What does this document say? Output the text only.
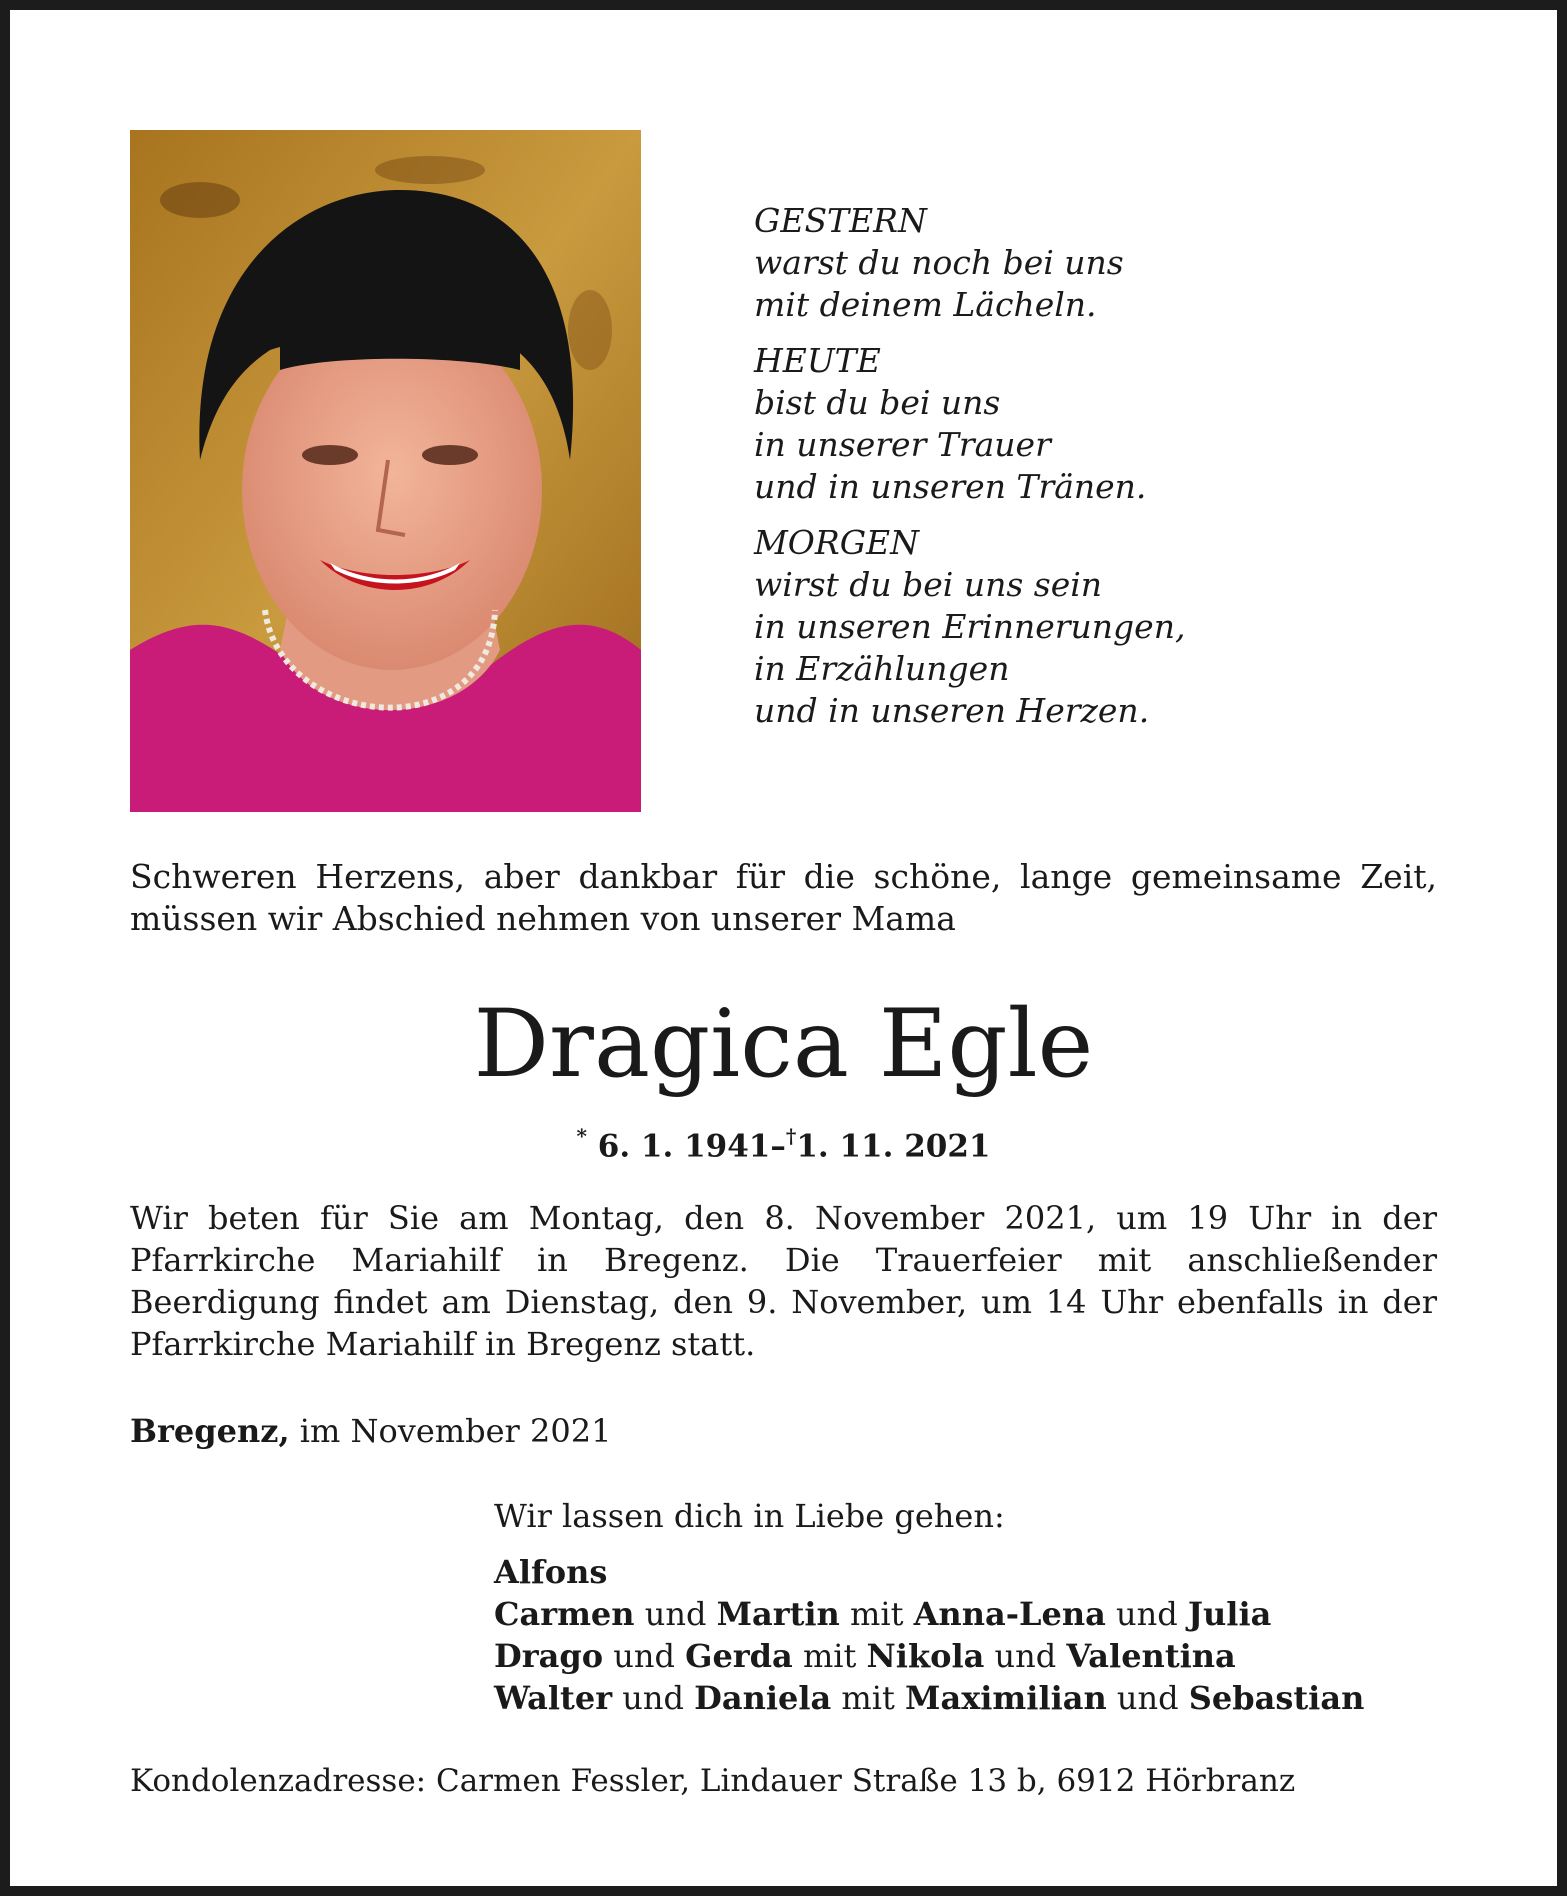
GESTERN
warst du noch bei uns
mit deinem Lächeln.
HEUTE
bist du bei uns
in unserer Trauer
und in unseren Tränen.
MORGEN
wirst du bei uns sein
in unseren Erinnerungen,
in Erzählungen
und in unseren Herzen.
Schweren Herzens, aber dankbar für die schöne, lange gemeinsame Zeit, müssen wir Abschied nehmen von unserer Mama
Dragica Egle
* 6. 1. 1941–†1. 11. 2021
Wir beten für Sie am Montag, den 8. November 2021, um 19 Uhr in der Pfarrkirche Mariahilf in Bregenz. Die Trauerfeier mit anschließender Beerdigung findet am Dienstag, den 9. November, um 14 Uhr ebenfalls in der Pfarrkirche Mariahilf in Bregenz statt.
Bregenz, im November 2021
Wir lassen dich in Liebe gehen:
Alfons
Carmen und Martin mit Anna-Lena und Julia
Drago und Gerda mit Nikola und Valentina
Walter und Daniela mit Maximilian und Sebastian
Kondolenzadresse: Carmen Fessler, Lindauer Straße 13 b, 6912 Hörbranz
